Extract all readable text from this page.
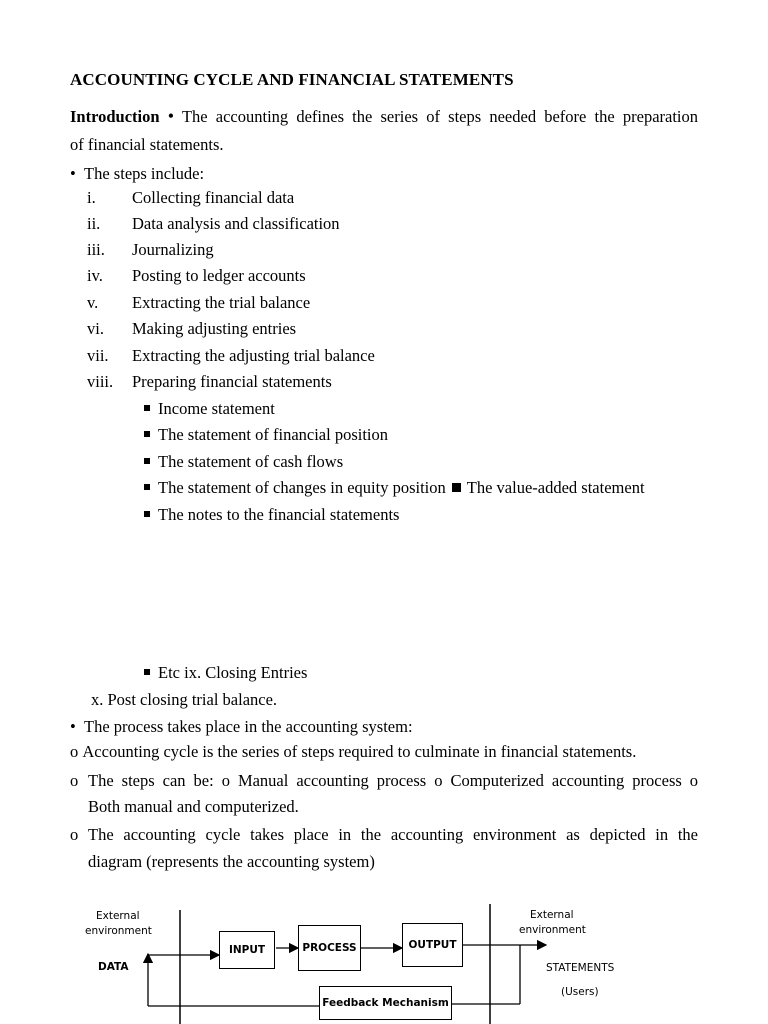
ACCOUNTING CYCLE AND FINANCIAL STATEMENTS
Introduction • The accounting defines the series of steps needed before the preparation
of financial statements.
• The steps include:
i. Collecting financial data
ii. Data analysis and classification
iii. Journalizing
iv. Posting to ledger accounts
v. Extracting the trial balance
vi. Making adjusting entries
vii. Extracting the adjusting trial balance
viii. Preparing financial statements
Income statement
The statement of financial position
The statement of cash flows
The statement of changes in equity position The value-added statement
The notes to the financial statements
Etc ix. Closing Entries
x. Post closing trial balance.
• The process takes place in the accounting system:
o Accounting cycle is the series of steps required to culminate in financial statements.
o The steps can be: o Manual accounting process o Computerized accounting process o
Both manual and computerized.
o The accounting cycle takes place in the accounting environment as depicted in the
diagram (represents the accounting system)
External
environment
DATA
INPUT	PROCESS	OUTPUT
External
environment
STATEMENTS
(Users)
Feedback Mechanism
